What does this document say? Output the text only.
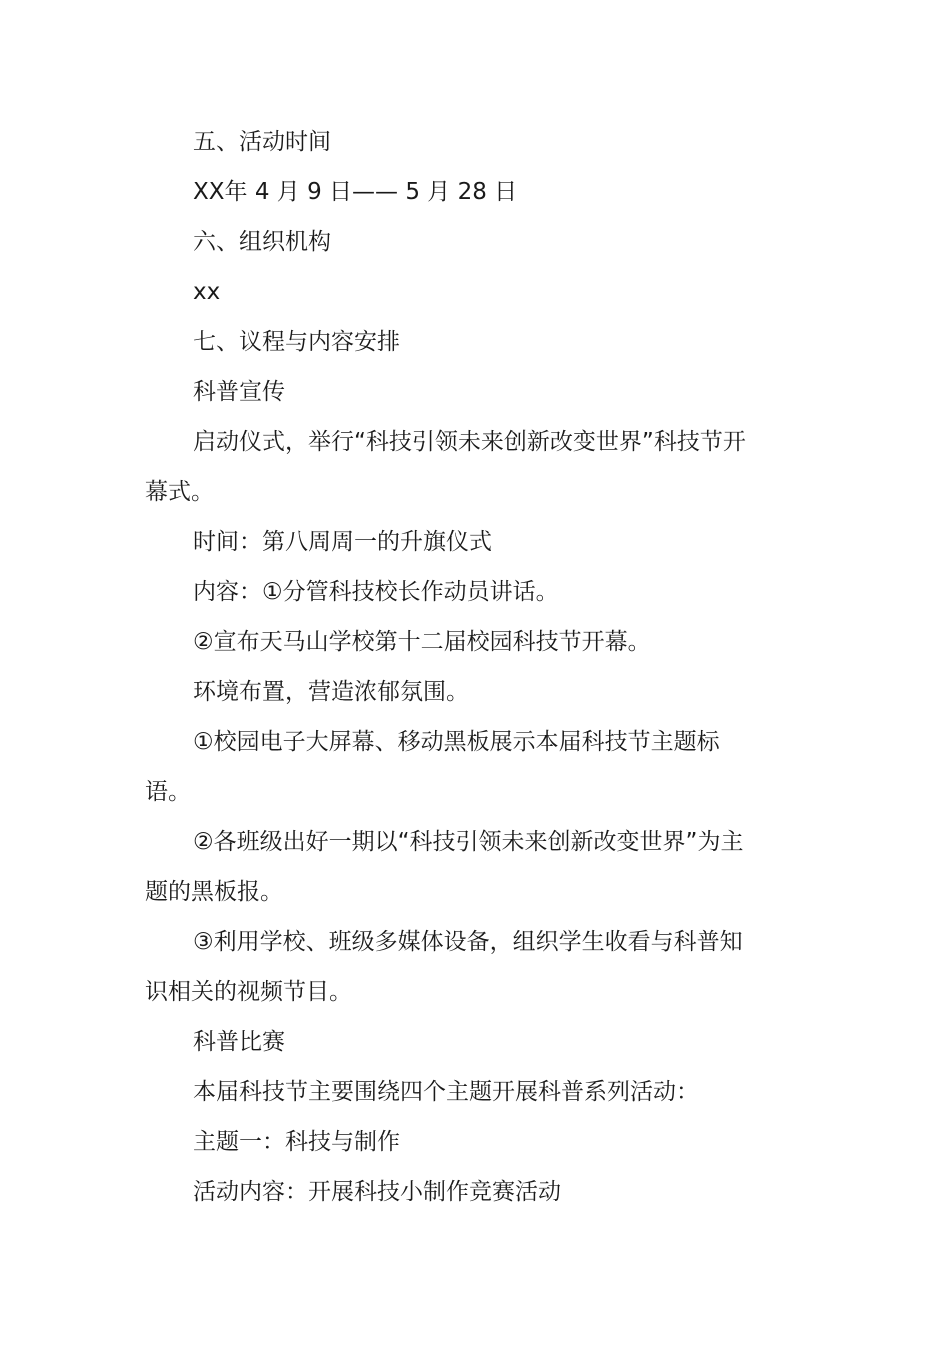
五、活动时间

XX年 4 月 9 日—— 5 月 28 日

六、组织机构

xx

七、议程与内容安排

科普宣传

启动仪式，举行“科技引领未来创新改变世界”科技节开幕式。

时间：第八周周一的升旗仪式

内容：①分管科技校长作动员讲话。

②宣布天马山学校第十二届校园科技节开幕。

环境布置，营造浓郁氛围。

①校园电子大屏幕、移动黑板展示本届科技节主题标语。

②各班级出好一期以“科技引领未来创新改变世界”为主题的黑板报。

③利用学校、班级多媒体设备，组织学生收看与科普知识相关的视频节目。

科普比赛

本届科技节主要围绕四个主题开展科普系列活动：

主题一：科技与制作

活动内容：开展科技小制作竞赛活动
